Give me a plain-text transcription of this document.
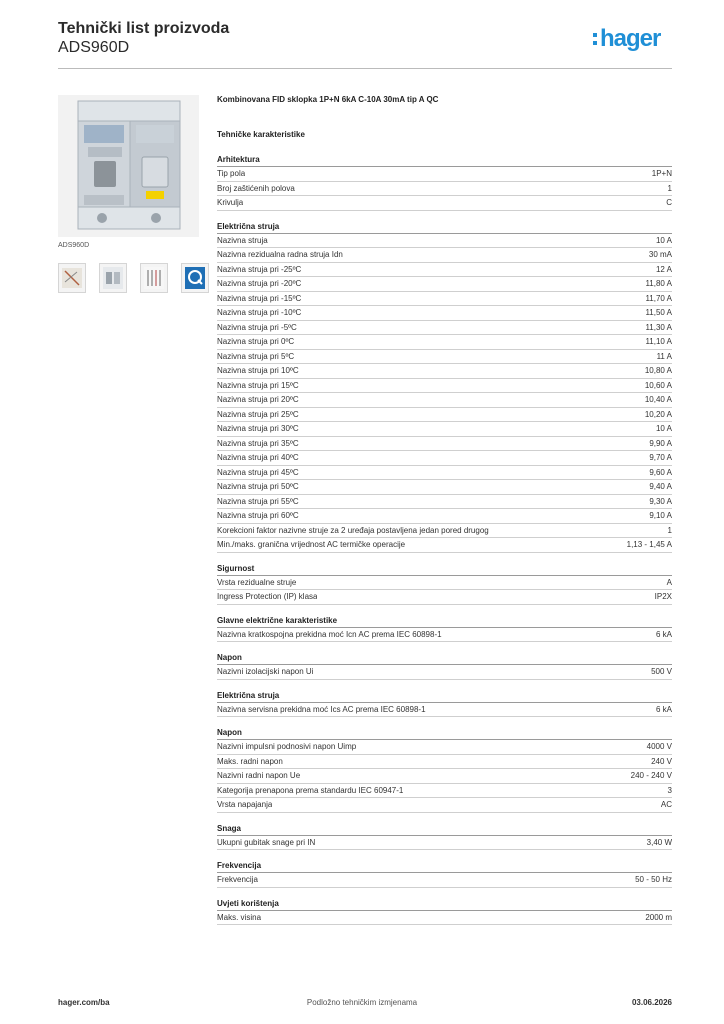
Tehnički list proizvoda
ADS960D	hager
ADS960D
Kombinovana FID sklopka 1P+N 6kA C-10A 30mA tip A QC
Tehničke karakteristike
Arhitektura
Tip pola	1P+N
Broj zaštićenih polova	1
Krivulja	C
Električna struja
Nazivna struja	10 A
Nazivna rezidualna radna struja Idn	30 mA
Nazivna struja pri -25ºC	12 A
Nazivna struja pri -20ºC	11,80 A
Nazivna struja pri -15ºC	11,70 A
Nazivna struja pri -10ºC	11,50 A
Nazivna struja pri -5ºC	11,30 A
Nazivna struja pri 0ºC	11,10 A
Nazivna struja pri 5ºC	11 A
Nazivna struja pri 10ºC	10,80 A
Nazivna struja pri 15ºC	10,60 A
Nazivna struja pri 20ºC	10,40 A
Nazivna struja pri 25ºC	10,20 A
Nazivna struja pri 30ºC	10 A
Nazivna struja pri 35ºC	9,90 A
Nazivna struja pri 40ºC	9,70 A
Nazivna struja pri 45ºC	9,60 A
Nazivna struja pri 50ºC	9,40 A
Nazivna struja pri 55ºC	9,30 A
Nazivna struja pri 60ºC	9,10 A
Korekcioni faktor nazivne struje za 2 uređaja postavljena jedan pored drugog	1
Min./maks. granična vrijednost AC termičke operacije	1,13 - 1,45 A
Sigurnost
Vrsta rezidualne struje	A
Ingress Protection (IP) klasa	IP2X
Glavne električne karakteristike
Nazivna kratkospojna prekidna moć Icn AC prema IEC 60898-1	6 kA
Napon
Nazivni izolacijski napon Ui	500 V
Električna struja
Nazivna servisna prekidna moć Ics AC prema IEC 60898-1	6 kA
Napon
Nazivni impulsni podnosivi napon Uimp	4000 V
Maks. radni napon	240 V
Nazivni radni napon Ue	240 - 240 V
Kategorija prenapona prema standardu IEC 60947-1	3
Vrsta napajanja	AC
Snaga
Ukupni gubitak snage pri IN	3,40 W
Frekvencija
Frekvencija	50 - 50 Hz
Uvjeti korištenja
Maks. visina	2000 m
hager.com/ba	Podložno tehničkim izmjenama	03.06.2026
